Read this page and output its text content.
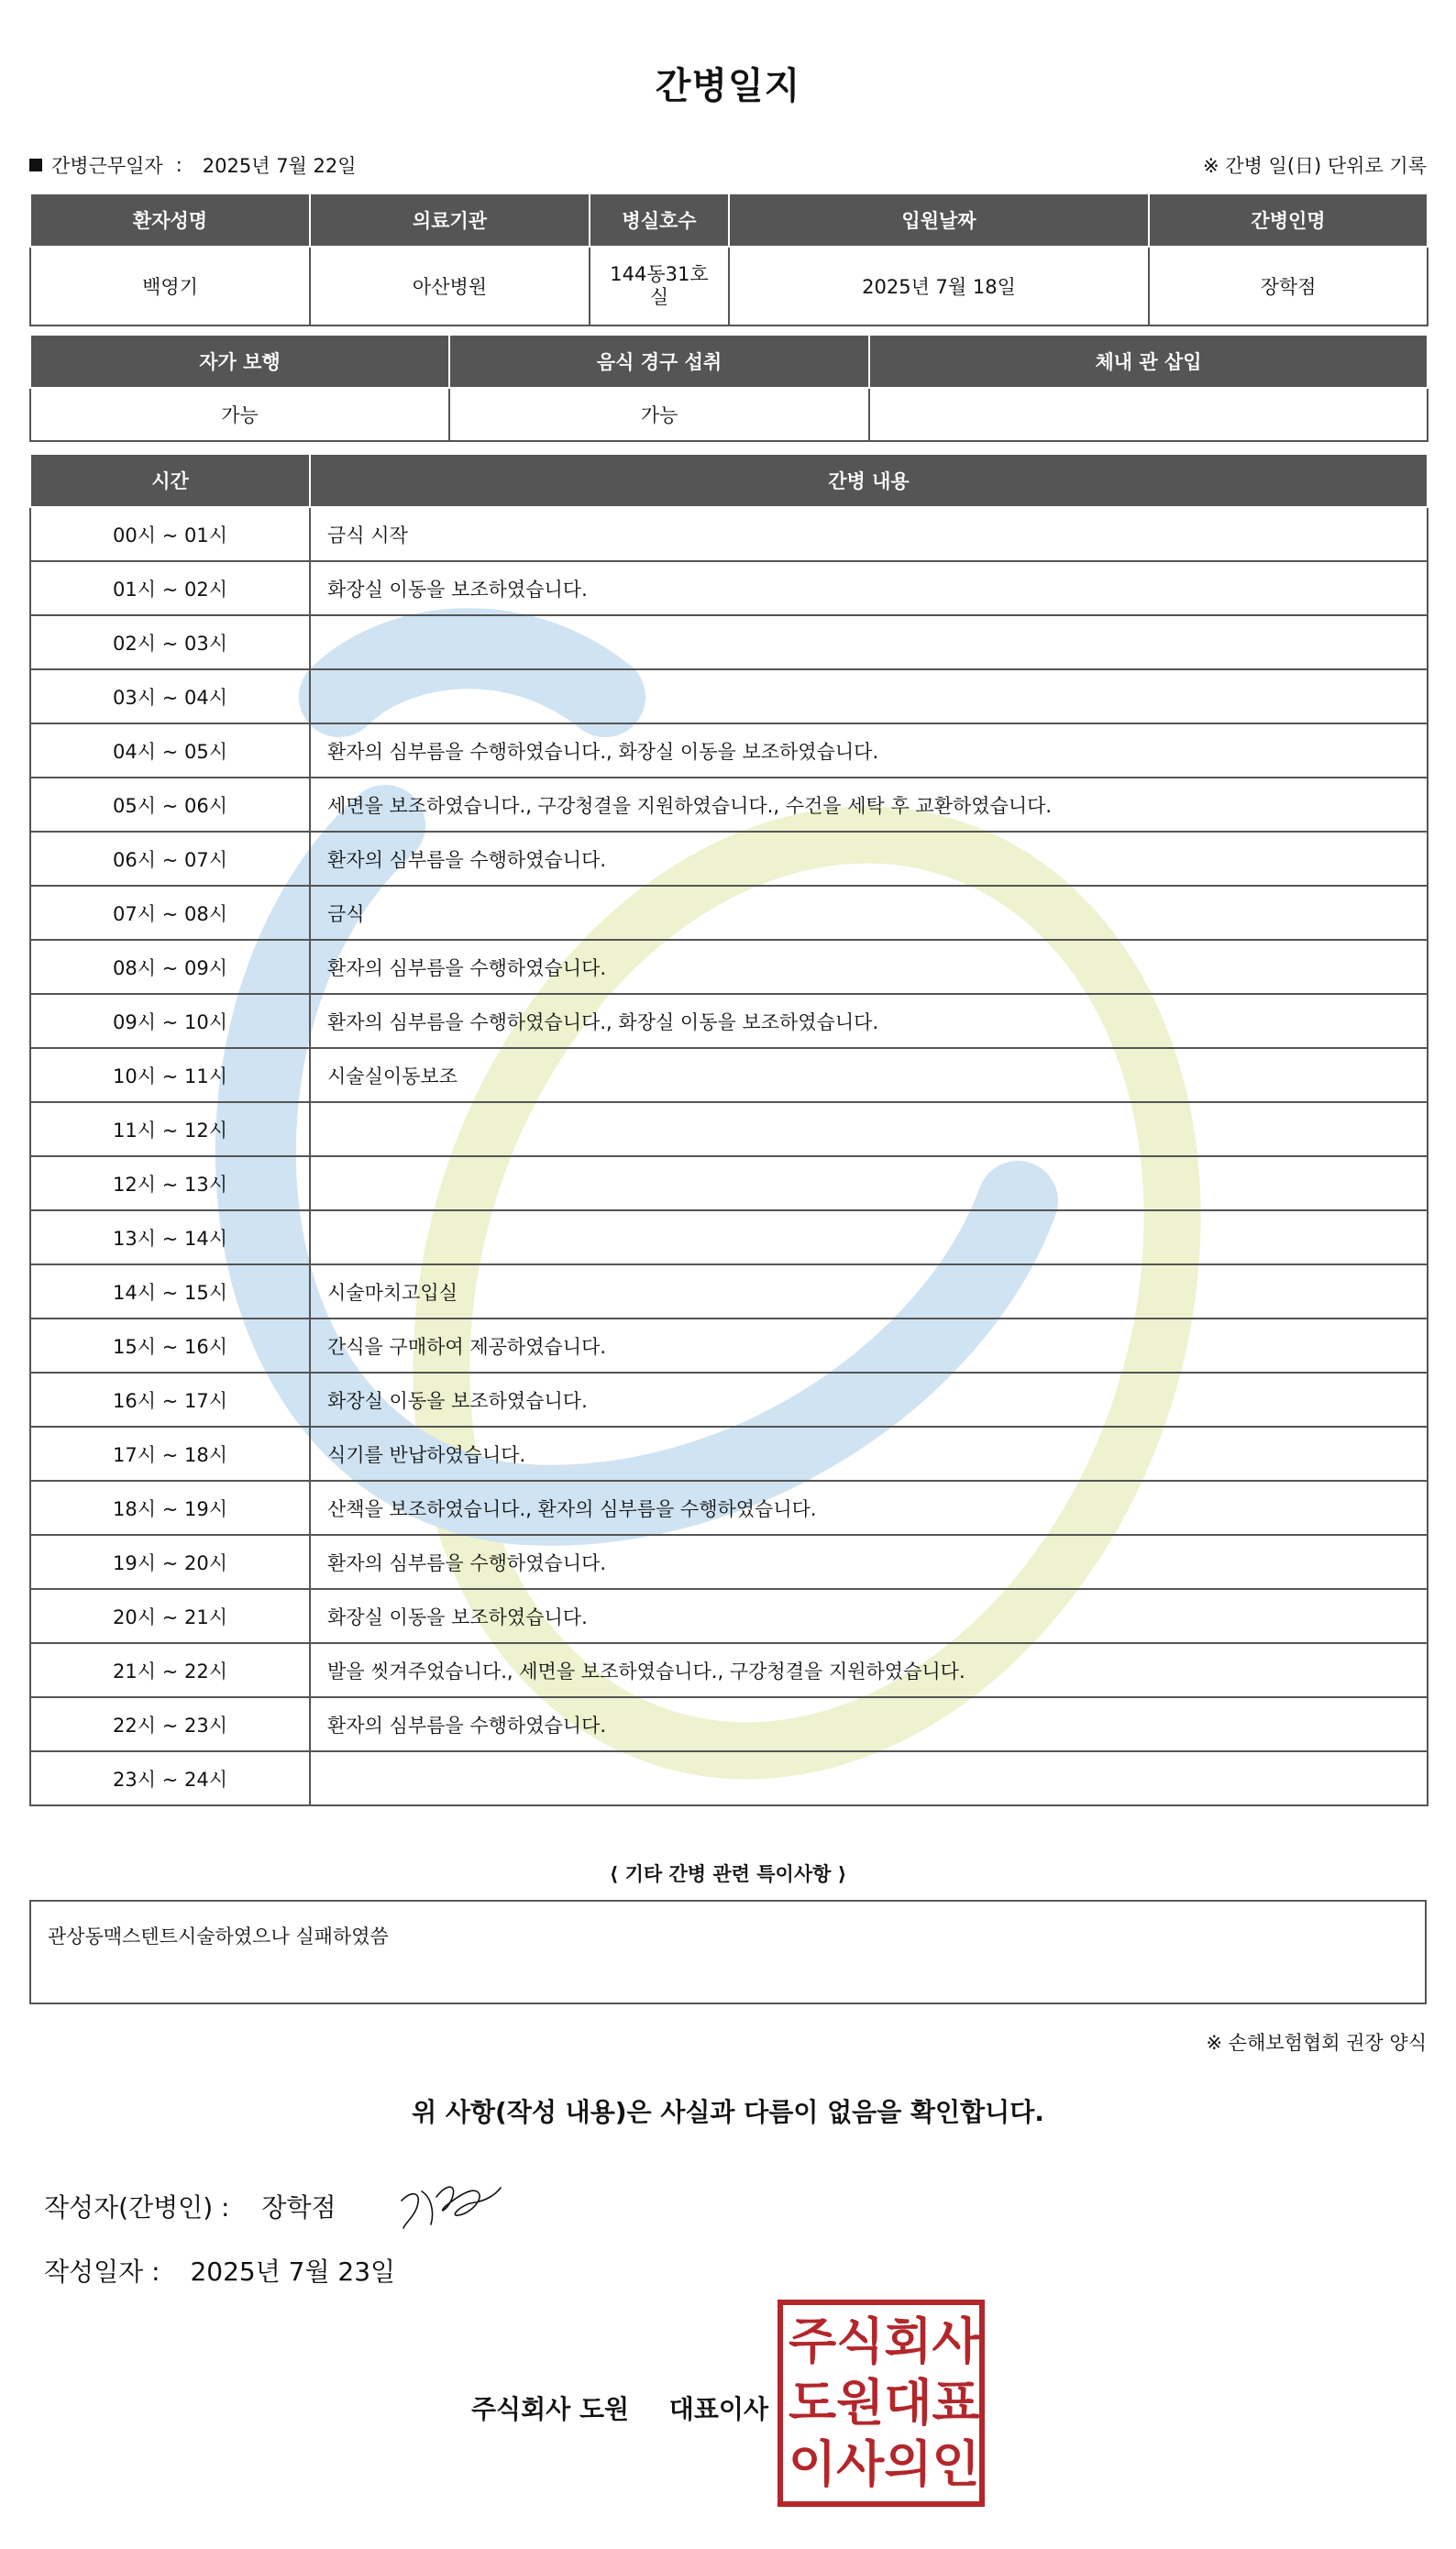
간병일지
간병근무일자 : 2025년 7월 22일	※ 간병 일(日) 단위로 기록
환자성명	의료기관	병실호수	입원날짜	간병인명
백영기	아산병원	144동31호실	2025년 7월 18일	장학점
자가 보행	음식 경구 섭취	체내 관 삽입
가능	가능	
시간	간병 내용
00시 ~ 01시	금식 시작
01시 ~ 02시	화장실 이동을 보조하였습니다.
02시 ~ 03시	
03시 ~ 04시	
04시 ~ 05시	환자의 심부름을 수행하였습니다., 화장실 이동을 보조하였습니다.
05시 ~ 06시	세면을 보조하였습니다., 구강청결을 지원하였습니다., 수건을 세탁 후 교환하였습니다.
06시 ~ 07시	환자의 심부름을 수행하였습니다.
07시 ~ 08시	금식
08시 ~ 09시	환자의 심부름을 수행하였습니다.
09시 ~ 10시	환자의 심부름을 수행하였습니다., 화장실 이동을 보조하였습니다.
10시 ~ 11시	시술실이동보조
11시 ~ 12시	
12시 ~ 13시	
13시 ~ 14시	
14시 ~ 15시	시술마치고입실
15시 ~ 16시	간식을 구매하여 제공하였습니다.
16시 ~ 17시	화장실 이동을 보조하였습니다.
17시 ~ 18시	식기를 반납하였습니다.
18시 ~ 19시	산책을 보조하였습니다., 환자의 심부름을 수행하였습니다.
19시 ~ 20시	환자의 심부름을 수행하였습니다.
20시 ~ 21시	화장실 이동을 보조하였습니다.
21시 ~ 22시	발을 씻겨주었습니다., 세면을 보조하였습니다., 구강청결을 지원하였습니다.
22시 ~ 23시	환자의 심부름을 수행하였습니다.
23시 ~ 24시	
⟨ 기타 간병 관련 특이사항 ⟩
관상동맥스텐트시술하였으나 실패하였씀
※ 손해보험협회 권장 양식
위 사항(작성 내용)은 사실과 다름이 없음을 확인합니다.
작성자(간병인) : 장학점
작성일자 : 2025년 7월 23일
주식회사 도원 대표이사
주 식 회 사
도 원 대 표
이 사 의 인
